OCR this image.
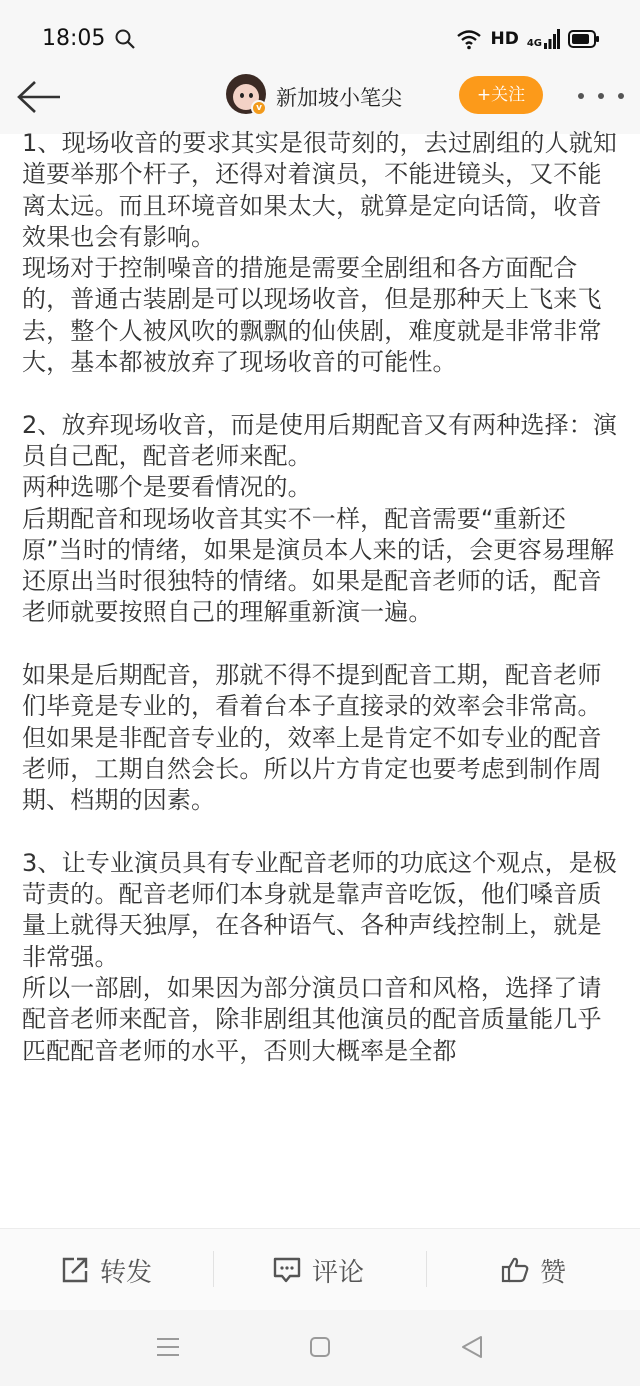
18:05	HD 4G
v 新加坡小笔尖	+关注

1、现场收音的要求其实是很苛刻的，去过剧组的人就知道要举那个杆子，还得对着演员，不能进镜头，又不能离太远。而且环境音如果太大，就算是定向话筒，收音效果也会有影响。

现场对于控制噪音的措施是需要全剧组和各方面配合的，普通古装剧是可以现场收音，但是那种天上飞来飞去，整个人被风吹的飘飘的仙侠剧，难度就是非常非常大，基本都被放弃了现场收音的可能性。

2、放弃现场收音，而是使用后期配音又有两种选择：演员自己配，配音老师来配。

两种选哪个是要看情况的。

后期配音和现场收音其实不一样，配音需要“重新还原”当时的情绪，如果是演员本人来的话，会更容易理解还原出当时很独特的情绪。如果是配音老师的话，配音老师就要按照自己的理解重新演一遍。

如果是后期配音，那就不得不提到配音工期，配音老师们毕竟是专业的，看着台本子直接录的效率会非常高。但如果是非配音专业的，效率上是肯定不如专业的配音老师，工期自然会长。所以片方肯定也要考虑到制作周期、档期的因素。

3、让专业演员具有专业配音老师的功底这个观点，是极苛责的。配音老师们本身就是靠声音吃饭，他们嗓音质量上就得天独厚，在各种语气、各种声线控制上，就是非常强。

所以一部剧，如果因为部分演员口音和风格，选择了请配音老师来配音，除非剧组其他演员的配音质量能几乎匹配配音老师的水平，否则大概率是全都

转发	评论	赞
